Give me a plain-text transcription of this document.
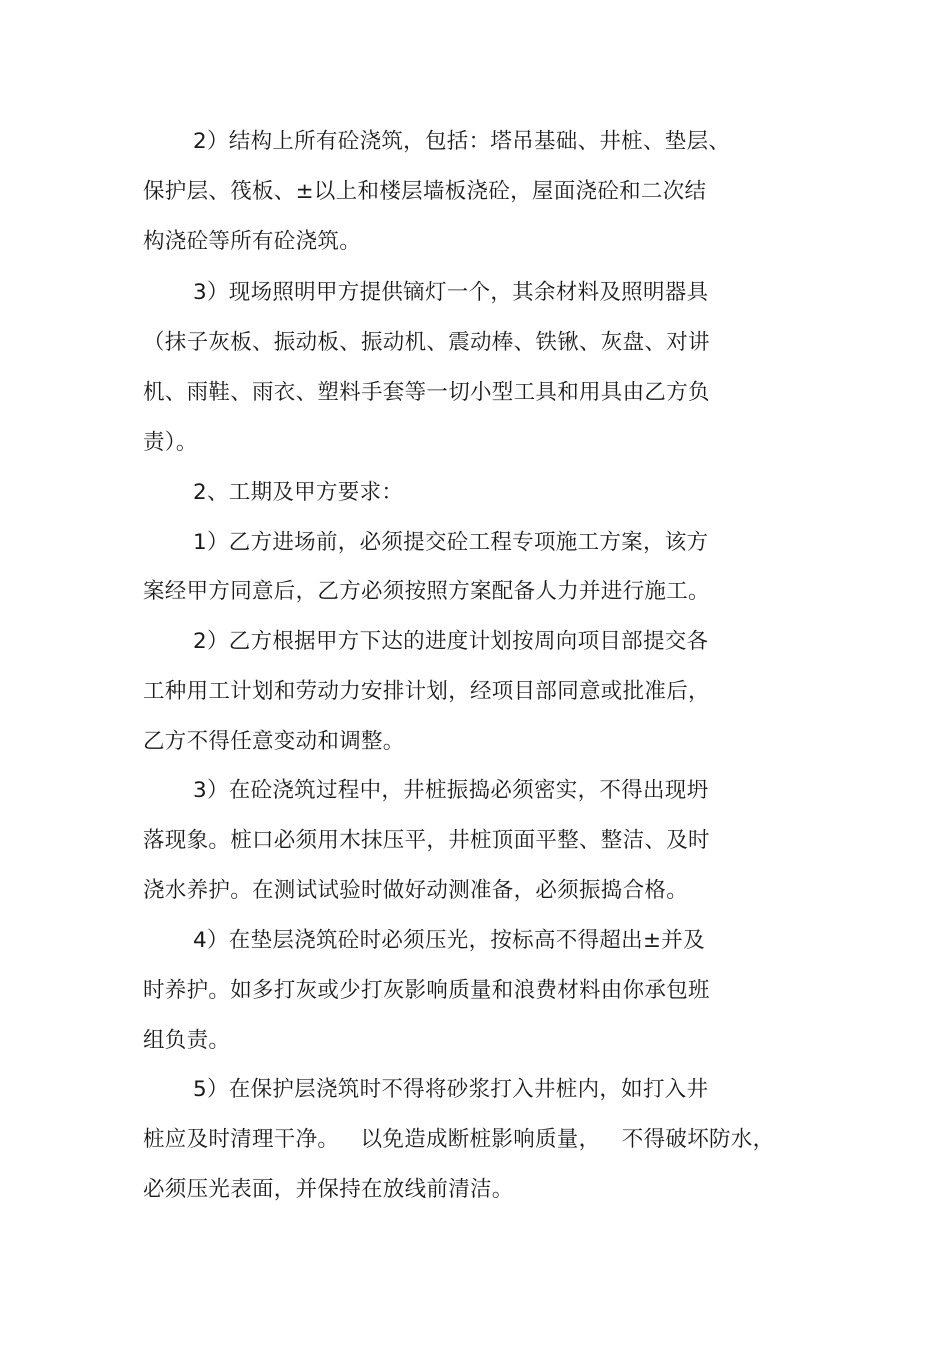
2）结构上所有砼浇筑，包括：塔吊基础、井桩、垫层、
保护层、筏板、±以上和楼层墙板浇砼，屋面浇砼和二次结
构浇砼等所有砼浇筑。
3）现场照明甲方提供镝灯一个，其余材料及照明器具
（抹子灰板、振动板、振动机、震动棒、铁锹、灰盘、对讲
机、雨鞋、雨衣、塑料手套等一切小型工具和用具由乙方负
责）。
2、工期及甲方要求：
1）乙方进场前，必须提交砼工程专项施工方案，该方
案经甲方同意后，乙方必须按照方案配备人力并进行施工。
2）乙方根据甲方下达的进度计划按周向项目部提交各
工种用工计划和劳动力安排计划，经项目部同意或批准后，
乙方不得任意变动和调整。
3）在砼浇筑过程中，井桩振捣必须密实，不得出现坍
落现象。桩口必须用木抹压平，井桩顶面平整、整洁、及时
浇水养护。在测试试验时做好动测准备，必须振捣合格。
4）在垫层浇筑砼时必须压光，按标高不得超出±并及
时养护。如多打灰或少打灰影响质量和浪费材料由你承包班
组负责。
5）在保护层浇筑时不得将砂浆打入井桩内，如打入井
桩应及时清理干净。   以免造成断桩影响质量，   不得破坏防水，
必须压光表面，并保持在放线前清洁。
